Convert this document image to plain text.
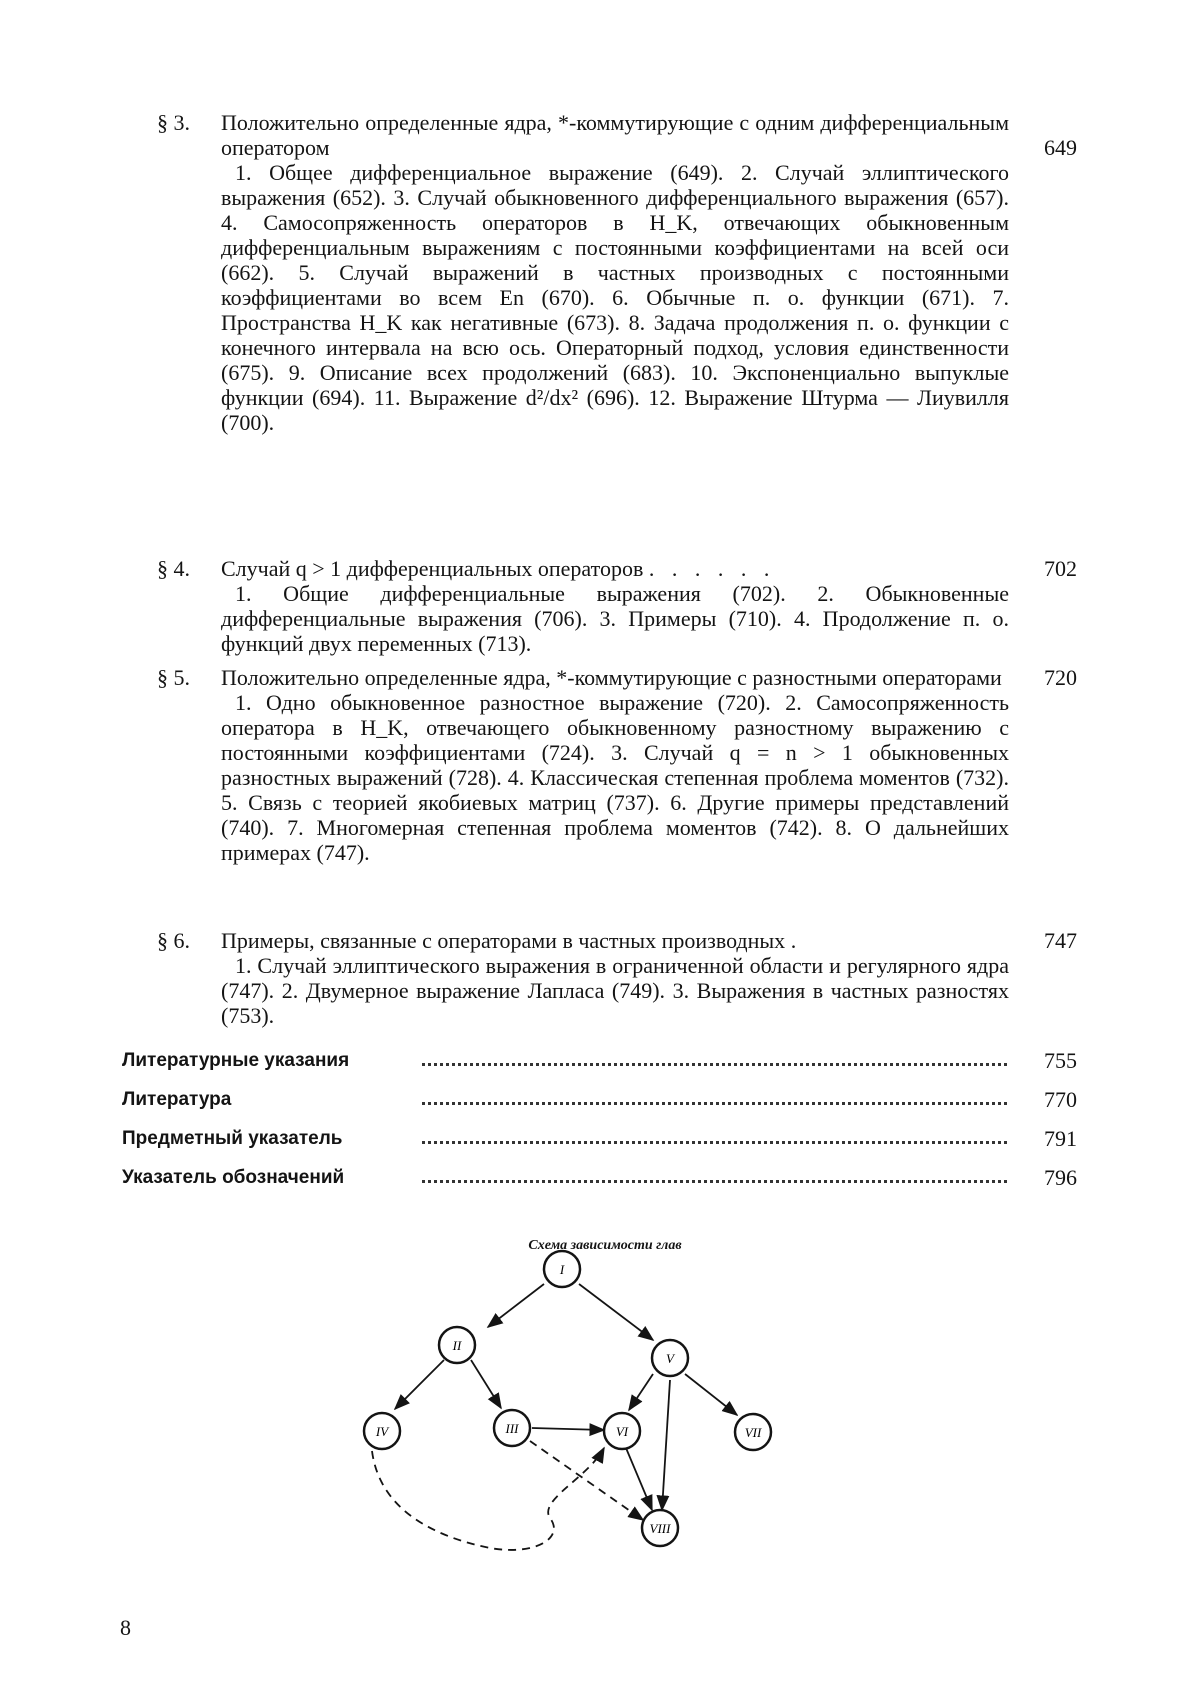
§ 3. Положительно определенные ядра, *-коммутирующие с одним дифференциальным оператором	649
1. Общее дифференциальное выражение (649). 2. Случай эллиптического выражения (652). 3. Случай обыкновенного дифференциального выражения (657). 4. Самосопряженность операторов в H_K, отвечающих обыкновенным дифференциальным выражениям с постоянными коэффициентами на всей оси (662). 5. Случай выражений в частных производных с постоянными коэффициентами во всем En (670). 6. Обычные п. о. функции (671). 7. Пространства H_K как негативные (673). 8. Задача продолжения п. о. функции с конечного интервала на всю ось. Операторный подход, условия единственности (675). 9. Описание всех продолжений (683). 10. Экспоненциально выпуклые функции (694). 11. Выражение d²/dx² (696). 12. Выражение Штурма — Лиувилля (700).
§ 4. Случай q > 1 дифференциальных операторов . . . . . .	702
1. Общие дифференциальные выражения (702). 2. Обыкновенные дифференциальные выражения (706). 3. Примеры (710). 4. Продолжение п. о. функций двух переменных (713).
§ 5. Положительно определенные ядра, *-коммутирующие с разностными операторами	720
1. Одно обыкновенное разностное выражение (720). 2. Самосопряженность оператора в H_K, отвечающего обыкновенному разностному выражению с постоянными коэффициентами (724). 3. Случай q = n > 1 обыкновенных разностных выражений (728). 4. Классическая степенная проблема моментов (732). 5. Связь с теорией якобиевых матриц (737). 6. Другие примеры представлений (740). 7. Многомерная степенная проблема моментов (742). 8. О дальнейших примерах (747).
§ 6. Примеры, связанные с операторами в частных производных .	747
1. Случай эллиптического выражения в ограниченной области и регулярного ядра (747). 2. Двумерное выражение Лапласа (749). 3. Выражения в частных разностях (753).
Литературные указания	755
Литература	770
Предметный указатель	791
Указатель обозначений	796
Схема зависимости глав
I
II
III
IV
V
VI	VII
VIII
8
